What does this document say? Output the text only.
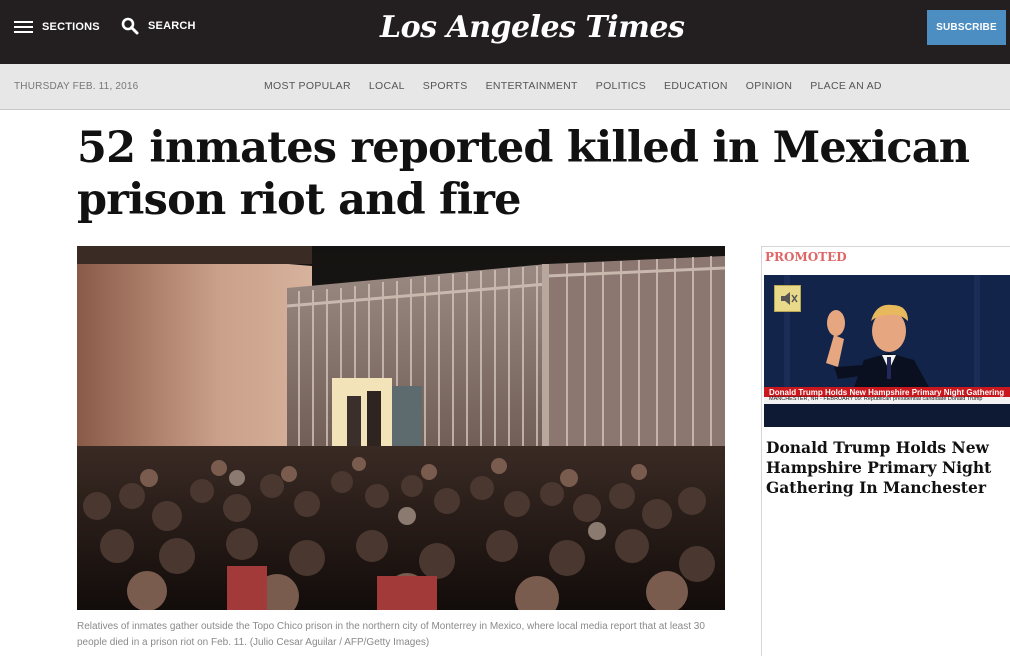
SECTIONS	SEARCH	Los Angeles Times	SUBSCRIBE
THURSDAY FEB. 11, 2016	MOST POPULAR LOCAL SPORTS ENTERTAINMENT POLITICS EDUCATION OPINION PLACE AN AD
52 inmates reported killed in Mexican prison riot and fire
Relatives of inmates gather outside the Topo Chico prison in the northern city of Monterrey in Mexico, where local media report that at least 30 people died in a prison riot on Feb. 11. (Julio Cesar Aguilar / AFP/Getty Images)
PROMOTED
Donald Trump Holds New Hampshire Primary Night Gathering
MANCHESTER, NH - FEBRUARY 09: Republican presidential candidate Donald Trump
Donald Trump Holds New Hampshire Primary Night Gathering In Manchester
